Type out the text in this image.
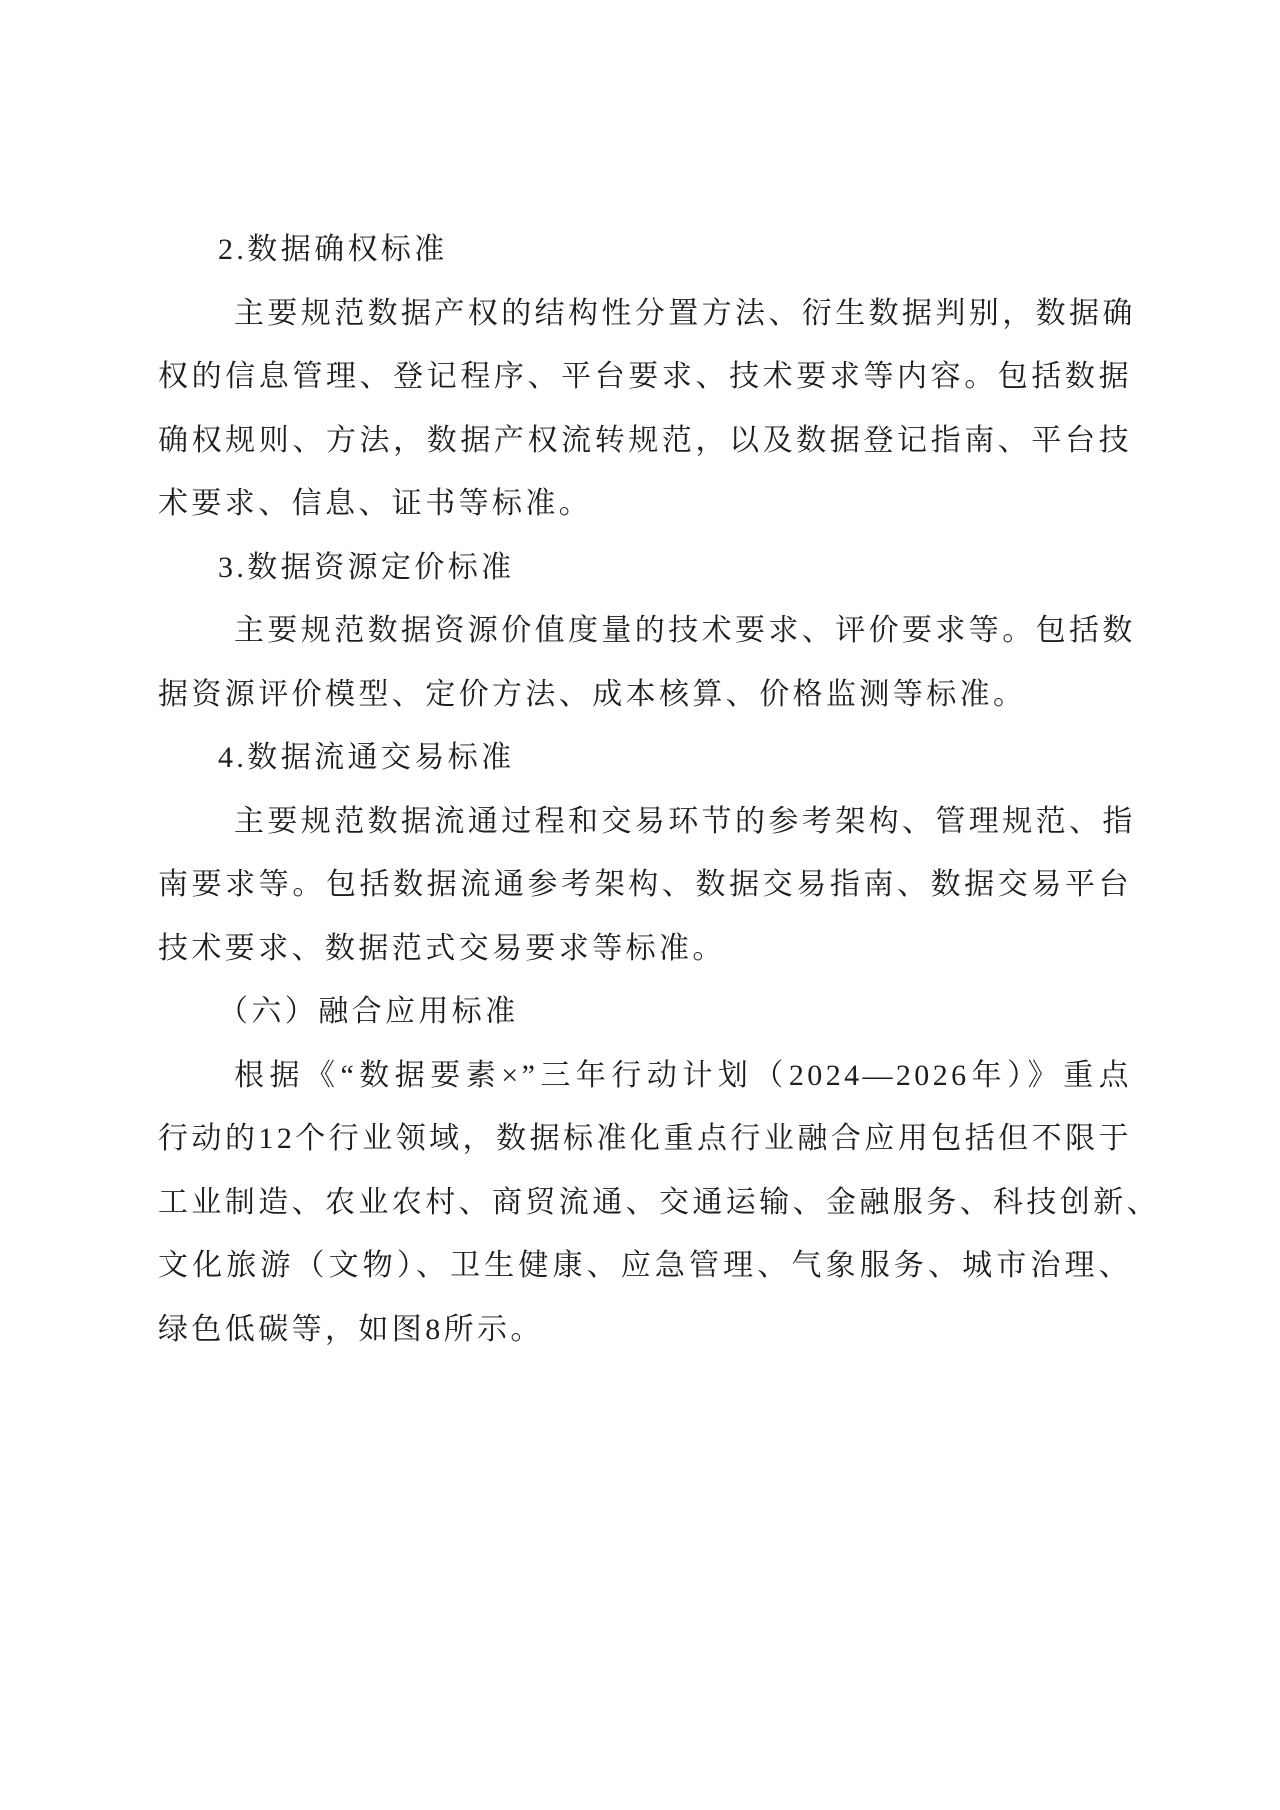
2.数据确权标准
主要规范数据产权的结构性分置方法、衍生数据判别，数据确
权的信息管理、登记程序、平台要求、技术要求等内容。包括数据
确权规则、方法，数据产权流转规范，以及数据登记指南、平台技
术要求、信息、证书等标准。
3.数据资源定价标准
主要规范数据资源价值度量的技术要求、评价要求等。包括数
据资源评价模型、定价方法、成本核算、价格监测等标准。
4.数据流通交易标准
主要规范数据流通过程和交易环节的参考架构、管理规范、指
南要求等。包括数据流通参考架构、数据交易指南、数据交易平台
技术要求、数据范式交易要求等标准。
（六）融合应用标准
根据《“数据要素×”三年行动计划（2024—2026年）》重点
行动的12个行业领域，数据标准化重点行业融合应用包括但不限于
工业制造、农业农村、商贸流通、交通运输、金融服务、科技创新、
文化旅游（文物）、卫生健康、应急管理、气象服务、城市治理、
绿色低碳等，如图8所示。
